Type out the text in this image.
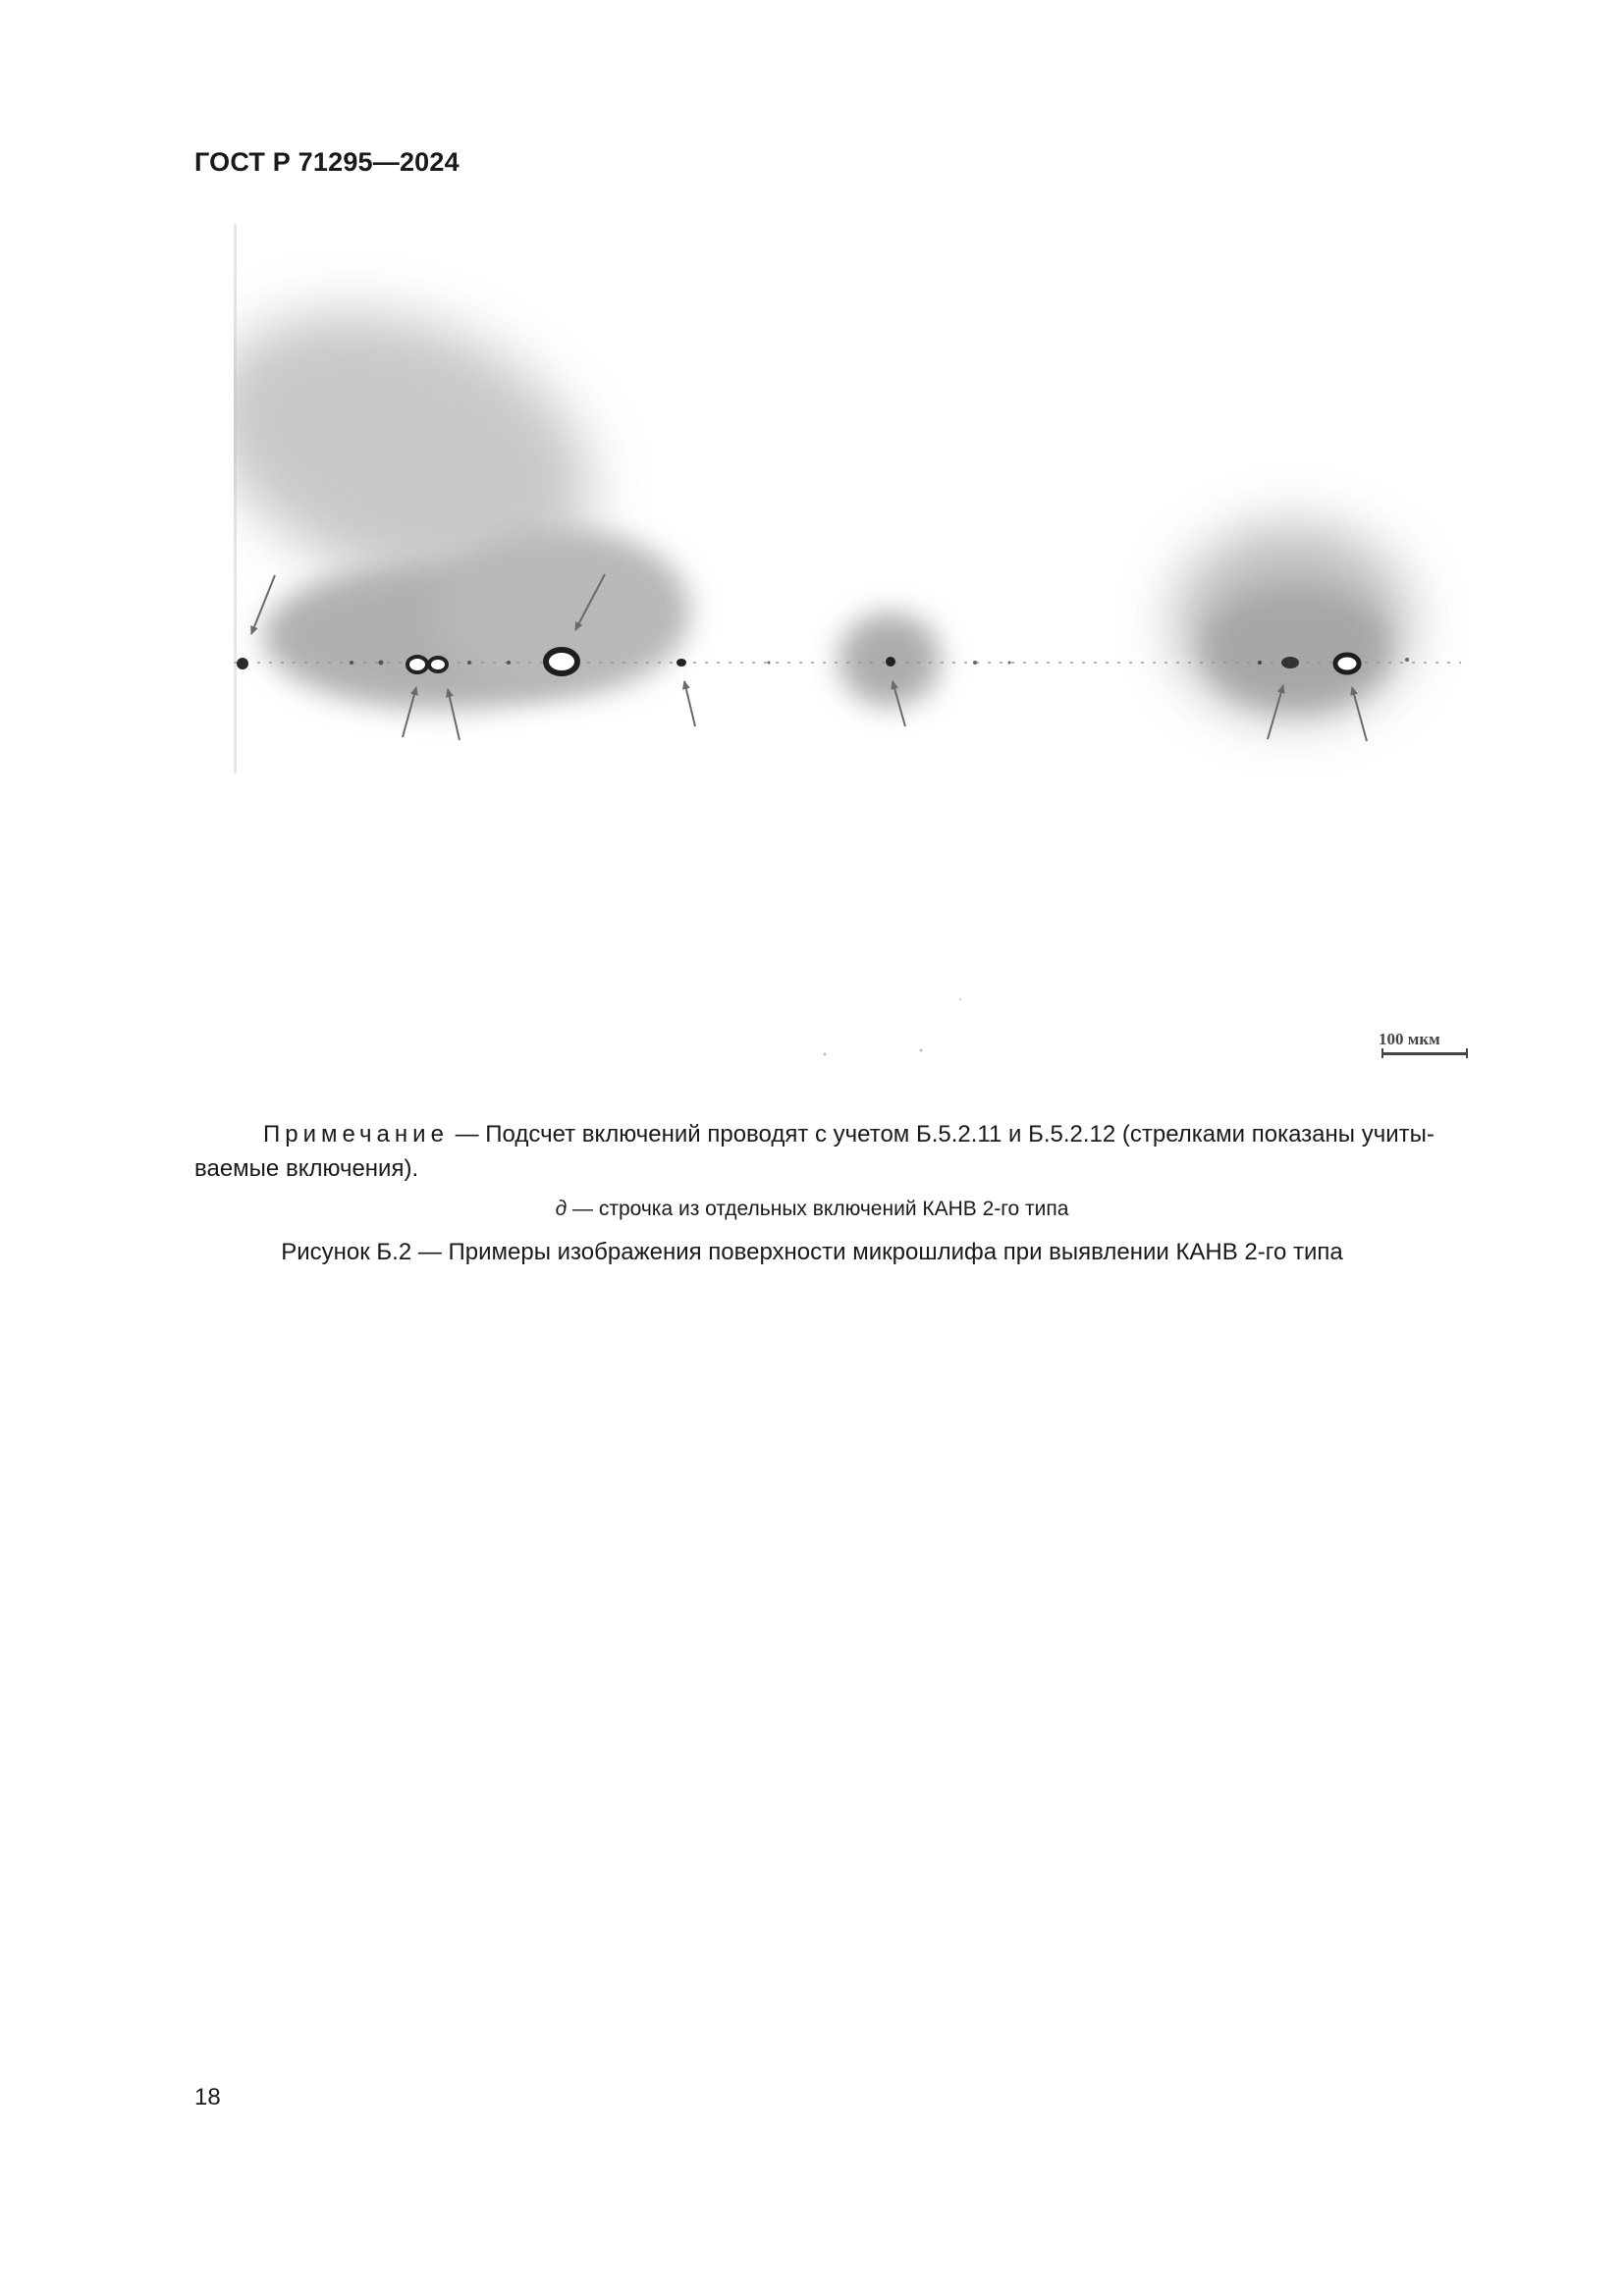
ГОСТ Р 71295—2024
100 мкм
Примечание — Подсчет включений проводят с учетом Б.5.2.11 и Б.5.2.12 (стрелками показаны учиты-
ваемые включения).
д — строчка из отдельных включений КАНВ 2-го типа
Рисунок Б.2 — Примеры изображения поверхности микрошлифа при выявлении КАНВ 2-го типа
18
